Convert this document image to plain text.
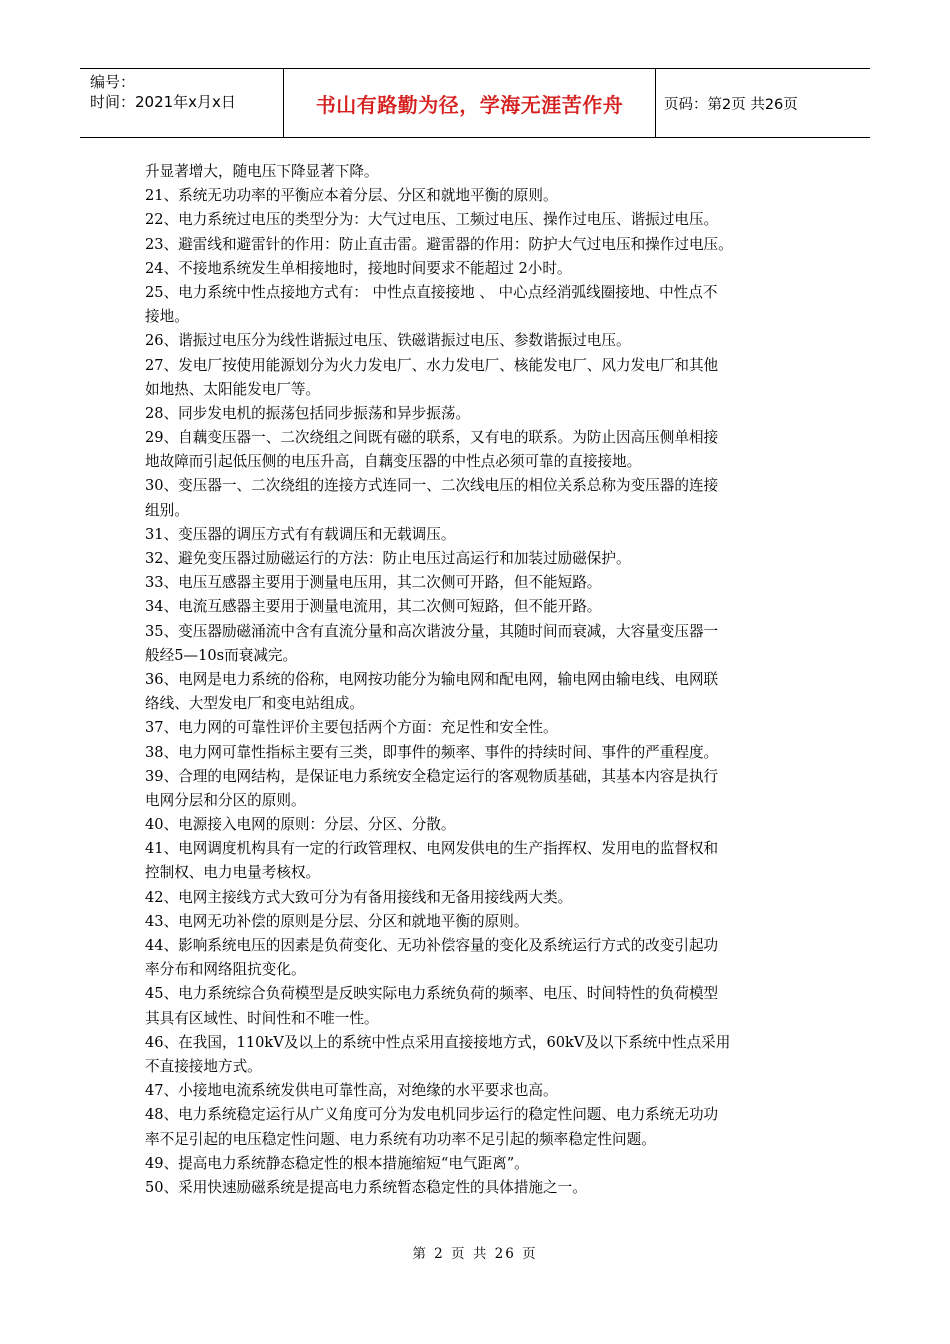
编号：
时间：2021年x月x日	书山有路勤为径，学海无涯苦作舟	页码：第2页 共26页
升显著增大，随电压下降显著下降。
21、系统无功功率的平衡应本着分层、分区和就地平衡的原则。
22、电力系统过电压的类型分为：大气过电压、工频过电压、操作过电压、谐振过电压。
23、避雷线和避雷针的作用：防止直击雷。避雷器的作用：防护大气过电压和操作过电压。
24、不接地系统发生单相接地时，接地时间要求不能超过 2小时。
25、电力系统中性点接地方式有： 中性点直接接地 、 中心点经消弧线圈接地、中性点不
接地。
26、谐振过电压分为线性谐振过电压、铁磁谐振过电压、参数谐振过电压。
27、发电厂按使用能源划分为火力发电厂、水力发电厂、核能发电厂、风力发电厂和其他
如地热、太阳能发电厂等。
28、同步发电机的振荡包括同步振荡和异步振荡。
29、自藕变压器一、二次绕组之间既有磁的联系，又有电的联系。为防止因高压侧单相接
地故障而引起低压侧的电压升高，自藕变压器的中性点必须可靠的直接接地。
30、变压器一、二次绕组的连接方式连同一、二次线电压的相位关系总称为变压器的连接
组别。
31、变压器的调压方式有有载调压和无载调压。
32、避免变压器过励磁运行的方法：防止电压过高运行和加装过励磁保护。
33、电压互感器主要用于测量电压用，其二次侧可开路，但不能短路。
34、电流互感器主要用于测量电流用，其二次侧可短路，但不能开路。
35、变压器励磁涌流中含有直流分量和高次谐波分量，其随时间而衰减，大容量变压器一
般经5—10s而衰减完。
36、电网是电力系统的俗称，电网按功能分为输电网和配电网，输电网由输电线、电网联
络线、大型发电厂和变电站组成。
37、电力网的可靠性评价主要包括两个方面：充足性和安全性。
38、电力网可靠性指标主要有三类，即事件的频率、事件的持续时间、事件的严重程度。
39、合理的电网结构，是保证电力系统安全稳定运行的客观物质基础，其基本内容是执行
电网分层和分区的原则。
40、电源接入电网的原则：分层、分区、分散。
41、电网调度机构具有一定的行政管理权、电网发供电的生产指挥权、发用电的监督权和
控制权、电力电量考核权。
42、电网主接线方式大致可分为有备用接线和无备用接线两大类。
43、电网无功补偿的原则是分层、分区和就地平衡的原则。
44、影响系统电压的因素是负荷变化、无功补偿容量的变化及系统运行方式的改变引起功
率分布和网络阻抗变化。
45、电力系统综合负荷模型是反映实际电力系统负荷的频率、电压、时间特性的负荷模型
其具有区域性、时间性和不唯一性。
46、在我国，110kV及以上的系统中性点采用直接接地方式，60kV及以下系统中性点采用
不直接接地方式。
47、小接地电流系统发供电可靠性高，对绝缘的水平要求也高。
48、电力系统稳定运行从广义角度可分为发电机同步运行的稳定性问题、电力系统无功功
率不足引起的电压稳定性问题、电力系统有功功率不足引起的频率稳定性问题。
49、提高电力系统静态稳定性的根本措施缩短“电气距离”。
50、采用快速励磁系统是提高电力系统暂态稳定性的具体措施之一。
第 2 页 共 26 页
